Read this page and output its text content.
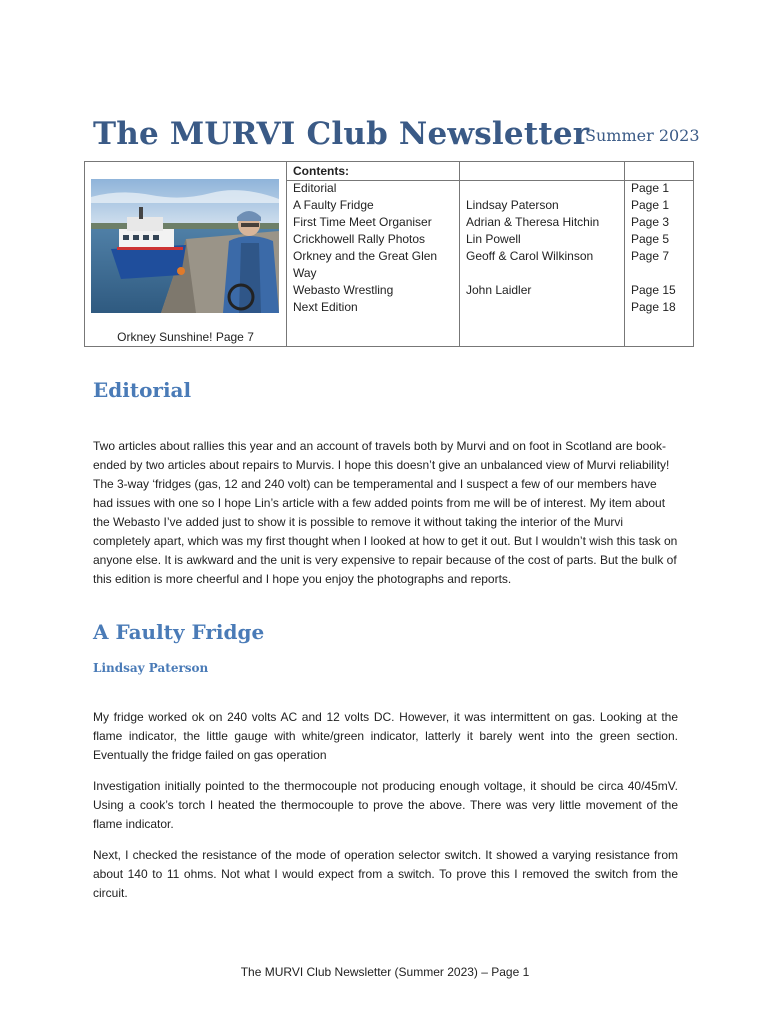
The MURVI Club Newsletter
Summer 2023
Orkney Sunshine! Page 7
Contents:
Editorial
A Faulty Fridge
First Time Meet Organiser
Crickhowell Rally Photos
Orkney and the Great Glen Way
Webasto Wrestling
Next Edition
Lindsay Paterson
Adrian & Theresa Hitchin
Lin Powell
Geoff & Carol Wilkinson
John Laidler
Page 1
Page 1
Page 3
Page 5
Page 7
Page 15
Page 18
Editorial

Two articles about rallies this year and an account of travels both by Murvi and on foot in Scotland are book-ended by two articles about repairs to Murvis. I hope this doesn’t give an unbalanced view of Murvi reliability! The 3-way ‘fridges (gas, 12 and 240 volt) can be temperamental and I suspect a few of our members have had issues with one so I hope Lin’s article with a few added points from me will be of interest. My item about the Webasto I’ve added just to show it is possible to remove it without taking the interior of the Murvi completely apart, which was my first thought when I looked at how to get it out. But I wouldn’t wish this task on anyone else. It is awkward and the unit is very expensive to repair because of the cost of parts. But the bulk of this edition is more cheerful and I hope you enjoy the photographs and reports.

A Faulty Fridge
Lindsay Paterson

My fridge worked ok on 240 volts AC and 12 volts DC. However, it was intermittent on gas. Looking at the flame indicator, the little gauge with white/green indicator, latterly it barely went into the green section. Eventually the fridge failed on gas operation

Investigation initially pointed to the thermocouple not producing enough voltage, it should be circa 40/45mV. Using a cook’s torch I heated the thermocouple to prove the above. There was very little movement of the flame indicator.

Next, I checked the resistance of the mode of operation selector switch. It showed a varying resistance from about 140 to 11 ohms. Not what I would expect from a switch. To prove this I removed the switch from the circuit.

The MURVI Club Newsletter (Summer 2023) – Page 1
